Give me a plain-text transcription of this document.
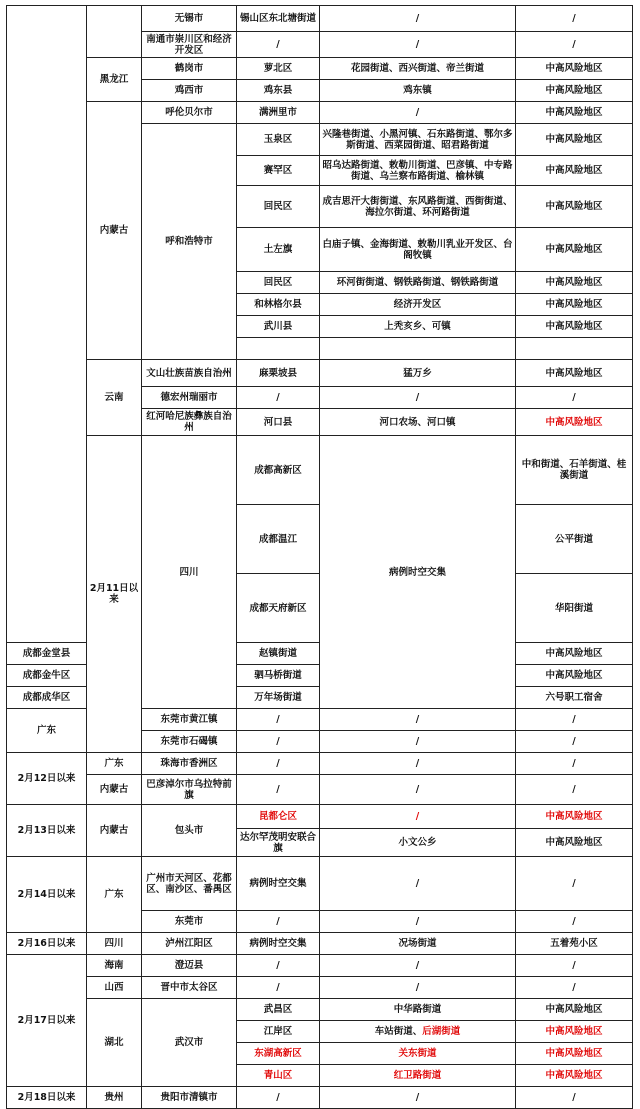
		无锡市	锡山区东北塘街道	/	/	
		南通市崇川区和经济开发区	/	/	/	
	黑龙江	鹤岗市	萝北区	花园街道、西兴街道、帝兰街道	中高风险地区	
		鸡西市	鸡东县	鸡东镇	中高风险地区	
	内蒙古	呼伦贝尔市	满洲里市	/	中高风险地区	
		呼和浩特市	玉泉区	兴隆巷街道、小黑河镇、石东路街道、鄂尔多斯街道、西菜园街道、昭君路街道	中高风险地区	
			赛罕区	昭乌达路街道、敕勒川街道、巴彦镇、中专路街道、乌兰察布路街道、榆林镇	中高风险地区	
			回民区	成吉思汗大街街道、东风路街道、西街街道、海拉尔街道、环河路街道	中高风险地区	
			土左旗	白庙子镇、金海街道、敕勒川乳业开发区、台阁牧镇	中高风险地区	
			回民区	环河街街道、钢铁路街道、钢铁路街道	中高风险地区	
			和林格尔县	经济开发区	中高风险地区	
			武川县	上秃亥乡、可镇	中高风险地区	

	云南	文山壮族苗族自治州	麻栗坡县	猛万乡	中高风险地区	
		德宏州瑞丽市	/	/	/	
		红河哈尼族彝族自治州	河口县	河口农场、河口镇	中高风险地区	
	2月11日以来	四川	成都高新区	病例时空交集	中和街道、石羊街道、桂溪街道	
			成都温江		公平街道	
			成都天府新区		华阳街道	
成都金堂县			赵镇街道		中高风险地区	
成都金牛区			驷马桥街道		中高风险地区	
成都成华区			万年场街道		六号职工宿舍	
广东		东莞市黄江镇	/	/	/	
		东莞市石碣镇	/	/	/	
2月12日以来	广东	珠海市香洲区	/	/	/	
	内蒙古	巴彦淖尔市乌拉特前旗	/	/	/	
2月13日以来	内蒙古	包头市	昆都仑区	/	中高风险地区	
			达尔罕茂明安联合旗	小文公乡	中高风险地区	
2月14日以来	广东	广州市天河区、花都区、南沙区、番禺区	病例时空交集	/	/	
		东莞市	/	/	/	
2月16日以来	四川	泸州江阳区	病例时空交集	况场街道	五着苑小区	
2月17日以来	海南	澄迈县	/	/	/	
	山西	晋中市太谷区	/	/	/	
	湖北	武汉市	武昌区	中华路街道	中高风险地区	
			江岸区	车站街道、后湖街道	中高风险地区	
			东湖高新区	关东街道	中高风险地区	
			青山区	红卫路街道	中高风险地区	
2月18日以来	贵州	贵阳市清镇市	/	/	/	
